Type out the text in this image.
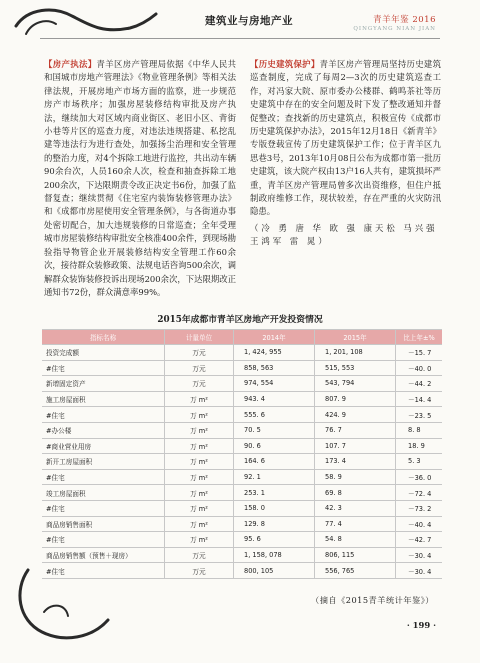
建筑业与房地产业	青羊年鉴 2016
QINGYANG NIAN JIAN
【房产执法】青羊区房产管理局依据《中华人民共和国城市房地产管理法》《物业管理条例》等相关法律法规，开展房地产市场方面的监察，进一步规范房产市场秩序；加强房屋装修结构审批及房产执法，继续加大对区域内商业街区、老旧小区、背街小巷等片区的巡查力度，对违法违规搭建、私挖乱建等违法行为进行查处，加强扬尘治理和安全管理的整治力度，对4个拆除工地进行监控，共出动车辆90余台次，人员160余人次，检查和抽查拆除工地200余次，下达限期责令改正决定书6份，加强了监督复查；继续贯彻《住宅室内装饰装修管理办法》和《成都市房屋使用安全管理条例》，与各街道办事处密切配合，加大违规装修的日常巡查；全年受理城市房屋装修结构审批安全核准400余件，到现场勘验指导物管企业开展装修结构安全管理工作60余次，接待群众装修政策、法规电话咨询500余次，调解群众装饰装修投诉出现场200余次，下达限期改正通知书72份，群众满意率99%。
【历史建筑保护】青羊区房产管理局坚持历史建筑巡查制度，完成了每周2—3次的历史建筑巡查工作，对冯家大院、原市委办公楼群、鹤鸣茶社等历史建筑中存在的安全问题及时下发了整改通知并督促整改；查找新的历史建筑点，积极宣传《成都市历史建筑保护办法》，2015年12月18日《新青羊》专版登载宣传了历史建筑保护工作；位于青羊区九思巷3号，2013年10月08日公布为成都市第一批历史建筑，该大院产权由13户16人共有，建筑损坏严重，青羊区房产管理局曾多次出资维修，但住户抵制政府维修工作，现状较差，存在严重的火灾防汛隐患。
（冷 勇 唐 华 欧 强 康天松 马兴强
王鸿军 雷 晁）
2015年成都市青羊区房地产开发投资情况
指标名称	计量单位	2014年	2015年	比上年±%
投资完成额	万元	1, 424, 955	1, 201, 108	－15. 7
#住宅	万元	858, 563	515, 553	－40. 0
新增固定资产	万元	974, 554	543, 794	－44. 2
施工房屋面积	万 m²	943. 4	807. 9	－14. 4
#住宅	万 m²	555. 6	424. 9	－23. 5
#办公楼	万 m²	70. 5	76. 7	8. 8
#商业营业用房	万 m²	90. 6	107. 7	18. 9
新开工房屋面积	万 m²	164. 6	173. 4	5. 3
#住宅	万 m²	92. 1	58. 9	－36. 0
竣工房屋面积	万 m²	253. 1	69. 8	－72. 4
#住宅	万 m²	158. 0	42. 3	－73. 2
商品房销售面积	万 m²	129. 8	77. 4	－40. 4
#住宅	万 m²	95. 6	54. 8	－42. 7
商品房销售额（预售＋现房）	万元	1, 158, 078	806, 115	－30. 4
#住宅	万元	800, 105	556, 765	－30. 4
（摘自《2015青羊统计年鉴》）
· 199 ·
